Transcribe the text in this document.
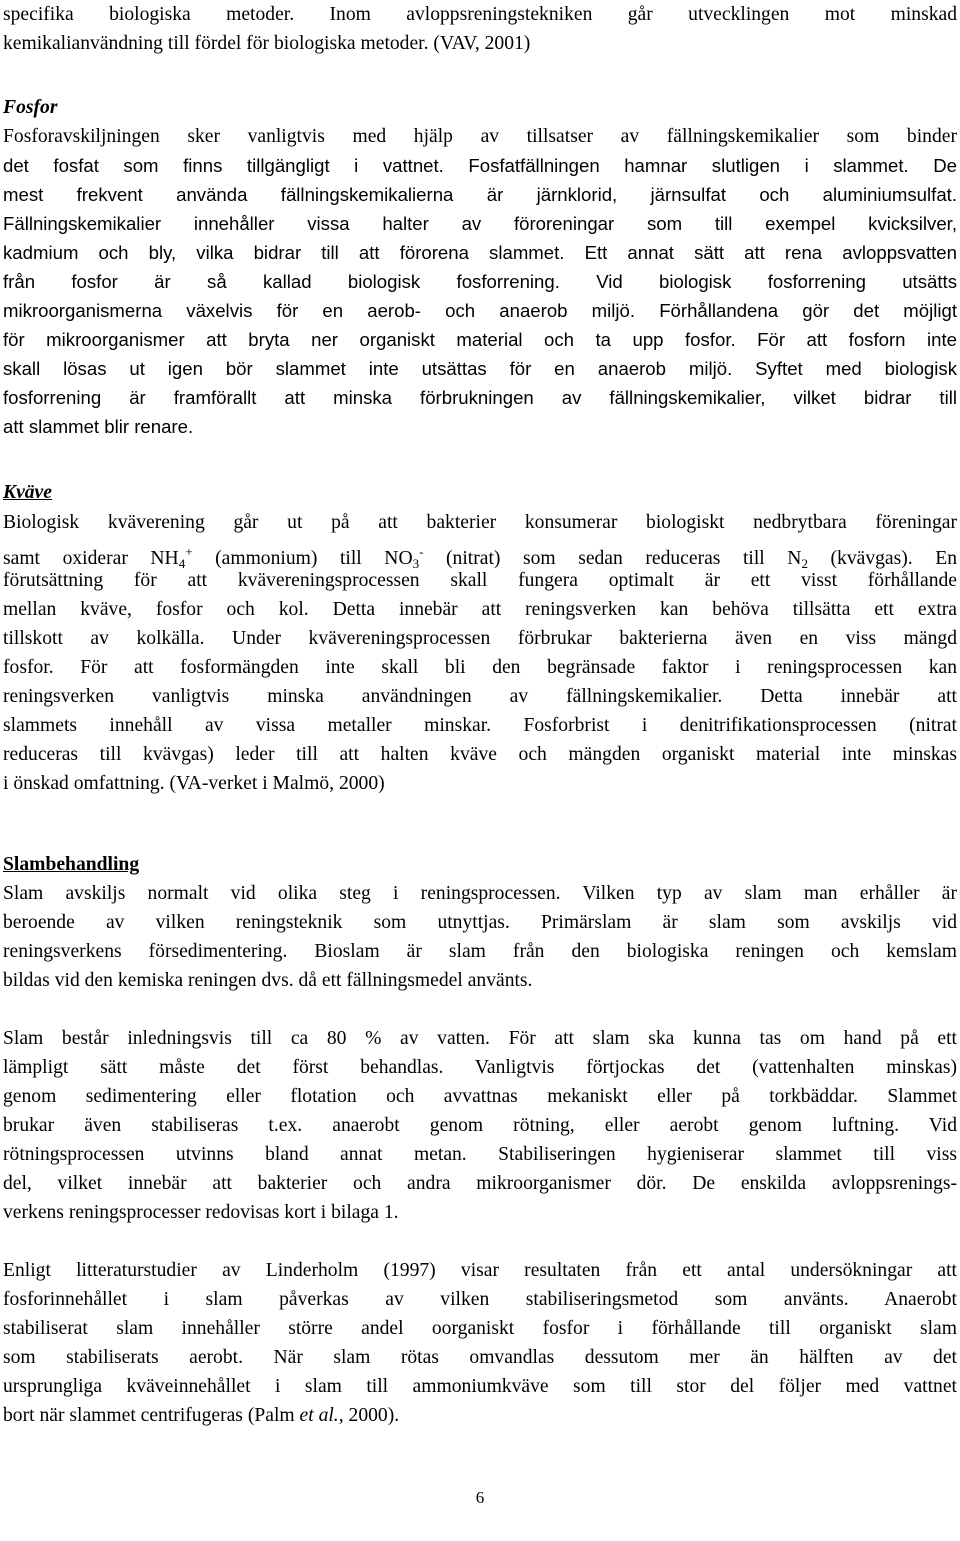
specifika biologiska metoder. Inom avloppsreningstekniken går utvecklingen mot minskad
kemikalianvändning till fördel för biologiska metoder. (VAV, 2001)
Fosfor
Fosforavskiljningen sker vanligtvis med hjälp av tillsatser av fällningskemikalier som binder
det fosfat som finns tillgängligt i vattnet. Fosfatfällningen hamnar slutligen i slammet. De
mest frekvent använda fällningskemikalierna är järnklorid, järnsulfat och aluminiumsulfat.
Fällningskemikalier innehåller vissa halter av föroreningar som till exempel kvicksilver,
kadmium och bly, vilka bidrar till att förorena slammet. Ett annat sätt att rena avloppsvatten
från fosfor är så kallad biologisk fosforrening. Vid biologisk fosforrening utsätts
mikroorganismerna växelvis för en aerob- och anaerob miljö. Förhållandena gör det möjligt
för mikroorganismer att bryta ner organiskt material och ta upp fosfor. För att fosforn inte
skall lösas ut igen bör slammet inte utsättas för en anaerob miljö. Syftet med biologisk
fosforrening är framförallt att minska förbrukningen av fällningskemikalier, vilket bidrar till
att slammet blir renare.
Kväve
Biologisk kväverening går ut på att bakterier konsumerar biologiskt nedbrytbara föreningar
samt oxiderar $NH_4^+$ (ammonium) till $NO_3^-$ (nitrat) som sedan reduceras till $N_2$ (kvävgas). En
förutsättning för att kvävereningsprocessen skall fungera optimalt är ett visst förhållande
mellan kväve, fosfor och kol. Detta innebär att reningsverken kan behöva tillsätta ett extra
tillskott av kolkälla. Under kvävereningsprocessen förbrukar bakterierna även en viss mängd
fosfor. För att fosformängden inte skall bli den begränsade faktor i reningsprocessen kan
reningsverken vanligtvis minska användningen av fällningskemikalier. Detta innebär att
slammets innehåll av vissa metaller minskar. Fosforbrist i denitrifikationsprocessen (nitrat
reduceras till kvävgas) leder till att halten kväve och mängden organiskt material inte minskas
i önskad omfattning. (VA-verket i Malmö, 2000)
Slambehandling
Slam avskiljs normalt vid olika steg i reningsprocessen. Vilken typ av slam man erhåller är
beroende av vilken reningsteknik som utnyttjas. Primärslam är slam som avskiljs vid
reningsverkens försedimentering. Bioslam är slam från den biologiska reningen och kemslam
bildas vid den kemiska reningen dvs. då ett fällningsmedel använts.
Slam består inledningsvis till ca 80 % av vatten. För att slam ska kunna tas om hand på ett
lämpligt sätt måste det först behandlas. Vanligtvis förtjockas det (vattenhalten minskas)
genom sedimentering eller flotation och avvattnas mekaniskt eller på torkbäddar. Slammet
brukar även stabiliseras t.ex. anaerobt genom rötning, eller aerobt genom luftning. Vid
rötningsprocessen utvinns bland annat metan. Stabiliseringen hygieniserar slammet till viss
del, vilket innebär att bakterier och andra mikroorganismer dör. De enskilda avloppsrenings-
verkens reningsprocesser redovisas kort i bilaga 1.
Enligt litteraturstudier av Linderholm (1997) visar resultaten från ett antal undersökningar att
fosforinnehållet i slam påverkas av vilken stabiliseringsmetod som använts. Anaerobt
stabiliserat slam innehåller större andel oorganiskt fosfor i förhållande till organiskt slam
som stabiliserats aerobt. När slam rötas omvandlas dessutom mer än hälften av det
ursprungliga kväveinnehållet i slam till ammoniumkväve som till stor del följer med vattnet
bort när slammet centrifugeras (Palm et al., 2000).
6
